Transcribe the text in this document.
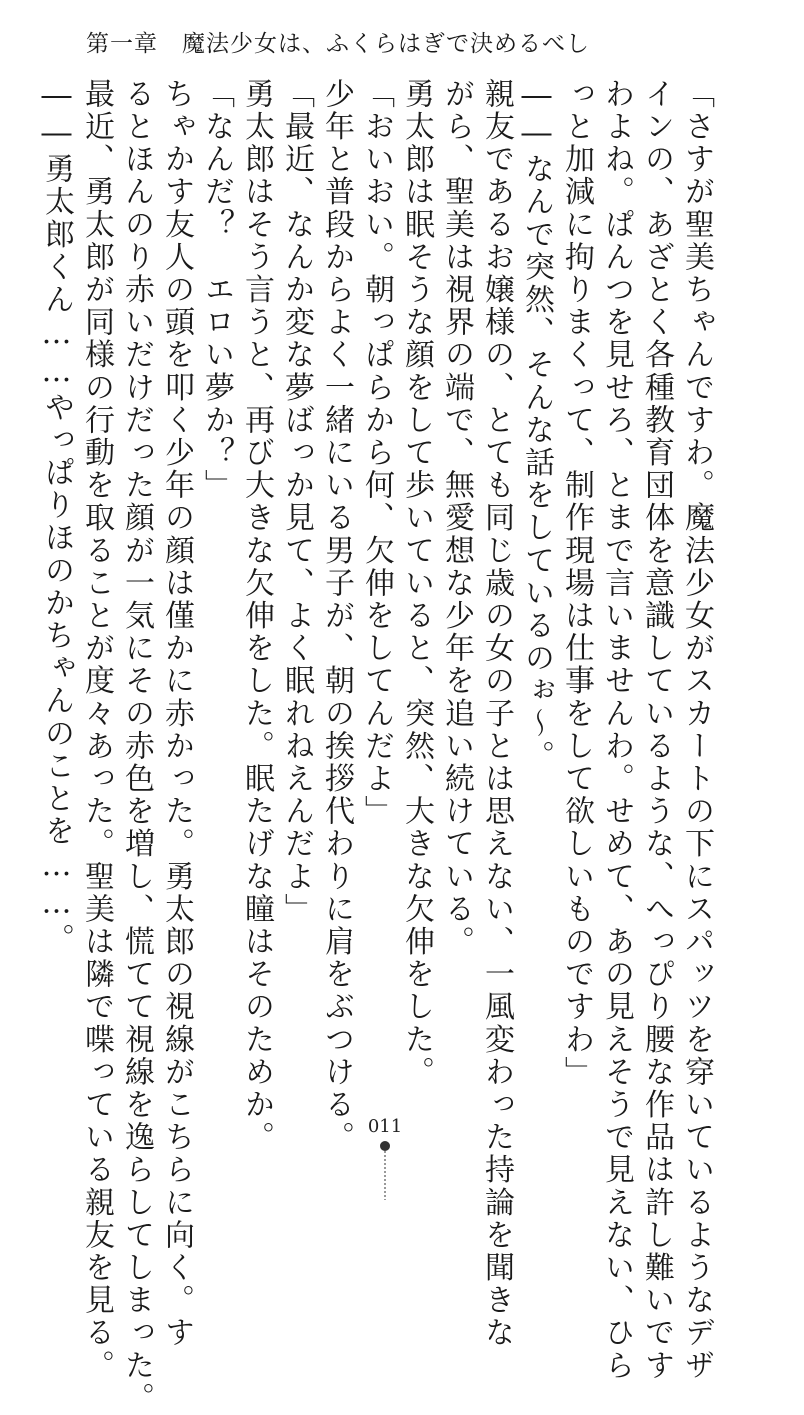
第一章　魔法少女は、ふくらはぎで決めるべし
「さすが聖美ちゃんですわ。魔法少女がスカートの下にスパッツを穿いているようなデザ
インの、あざとく各種教育団体を意識しているような、へっぴり腰な作品は許し難いです
わよね。ぱんつを見せろ、とまで言いませんわ。せめて、あの見えそうで見えない、ひら
っと加減に拘りまくって、制作現場は仕事をして欲しいものですわ」
――なんで突然、そんな話をしているのぉ～。
親友であるお嬢様の、とても同じ歳の女の子とは思えない、一風変わった持論を聞きな
がら、聖美は視界の端で、無愛想な少年を追い続けている。
勇太郎は眠そうな顔をして歩いていると、突然、大きな欠伸をした。
「おいおい。朝っぱらから何、欠伸をしてんだよ」
少年と普段からよく一緒にいる男子が、朝の挨拶代わりに肩をぶつける。
「最近、なんか変な夢ばっか見て、よく眠れねえんだよ」
勇太郎はそう言うと、再び大きな欠伸をした。眠たげな瞳はそのためか。
「なんだ？　エロい夢か？」
ちゃかす友人の頭を叩く少年の顔は僅かに赤かった。勇太郎の視線がこちらに向く。す
るとほんのり赤いだけだった顔が一気にその赤色を増し、慌てて視線を逸らしてしまった。
最近、勇太郎が同様の行動を取ることが度々あった。聖美は隣で喋っている親友を見る。
――勇太郎くん……やっぱりほのかちゃんのことを……。
011
